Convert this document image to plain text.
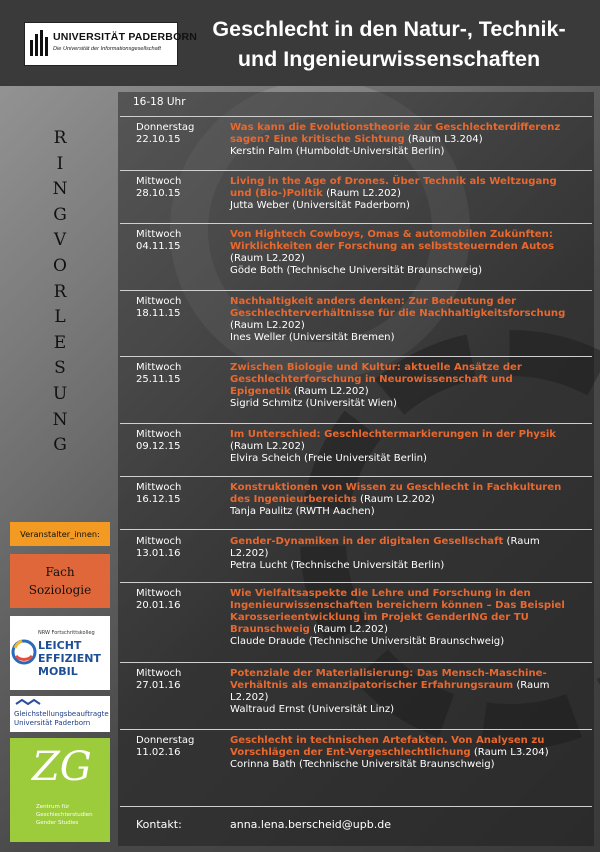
UNIVERSITÄT PADERBORN
Die Universität der Informationsgesellschaft
Geschlecht in den Natur-, Technik-
und Ingenieurwissenschaften
R
I
N
G
V
O
R
L
E
S
U
N
G
16-18 Uhr
Donnerstag
22.10.15
Was kann die Evolutionstheorie zur Geschlechterdifferenz sagen? Eine kritische Sichtung (Raum L3.204)
Kerstin Palm (Humboldt-Universität Berlin)
Mittwoch
28.10.15
Living in the Age of Drones. Über Technik als Weltzugang und (Bio-)Politik (Raum L2.202)
Jutta Weber (Universität Paderborn)
Mittwoch
04.11.15
Von Hightech Cowboys, Omas & automobilen Zukünften: Wirklichkeiten der Forschung an selbststeuernden Autos (Raum L2.202)
Göde Both (Technische Universität Braunschweig)
Mittwoch
18.11.15
Nachhaltigkeit anders denken: Zur Bedeutung der Geschlechterverhältnisse für die Nachhaltigkeitsforschung (Raum L2.202)
Ines Weller (Universität Bremen)
Mittwoch
25.11.15
Zwischen Biologie und Kultur: aktuelle Ansätze der Geschlechterforschung in Neurowissenschaft und Epigenetik (Raum L2.202)
Sigrid Schmitz (Universität Wien)
Mittwoch
09.12.15
Im Unterschied: Geschlechtermarkierungen in der Physik (Raum L2.202)
Elvira Scheich (Freie Universität Berlin)
Mittwoch
16.12.15
Konstruktionen von Wissen zu Geschlecht in Fachkulturen des Ingenieurbereichs (Raum L2.202)
Tanja Paulitz (RWTH Aachen)
Mittwoch
13.01.16
Gender-Dynamiken in der digitalen Gesellschaft (Raum L2.202)
Petra Lucht (Technische Universität Berlin)
Mittwoch
20.01.16
Wie Vielfaltsaspekte die Lehre und Forschung in den Ingenieurwissenschaften bereichern können – Das Beispiel Karosserieentwicklung im Projekt GenderING der TU Braunschweig (Raum L2.202)
Claude Draude (Technische Universität Braunschweig)
Mittwoch
27.01.16
Potenziale der Materialisierung: Das Mensch-Maschine-Verhältnis als emanzipatorischer Erfahrungsraum (Raum L2.202)
Waltraud Ernst (Universität Linz)
Donnerstag
11.02.16
Geschlecht in technischen Artefakten. Von Analysen zu Vorschlägen der Ent-Vergeschlechtlichung (Raum L3.204)
Corinna Bath (Technische Universität Braunschweig)
Kontakt:	anna.lena.berscheid@upb.de
Veranstalter_innen:
Fach
Soziologie
NRW Fortschrittskolleg
LEICHT
EFFIZIENT
MOBIL
Gleichstellungsbeauftragte
Universität Paderborn
ZG
Zentrum für
Geschlechterstudien
Gender Studies
